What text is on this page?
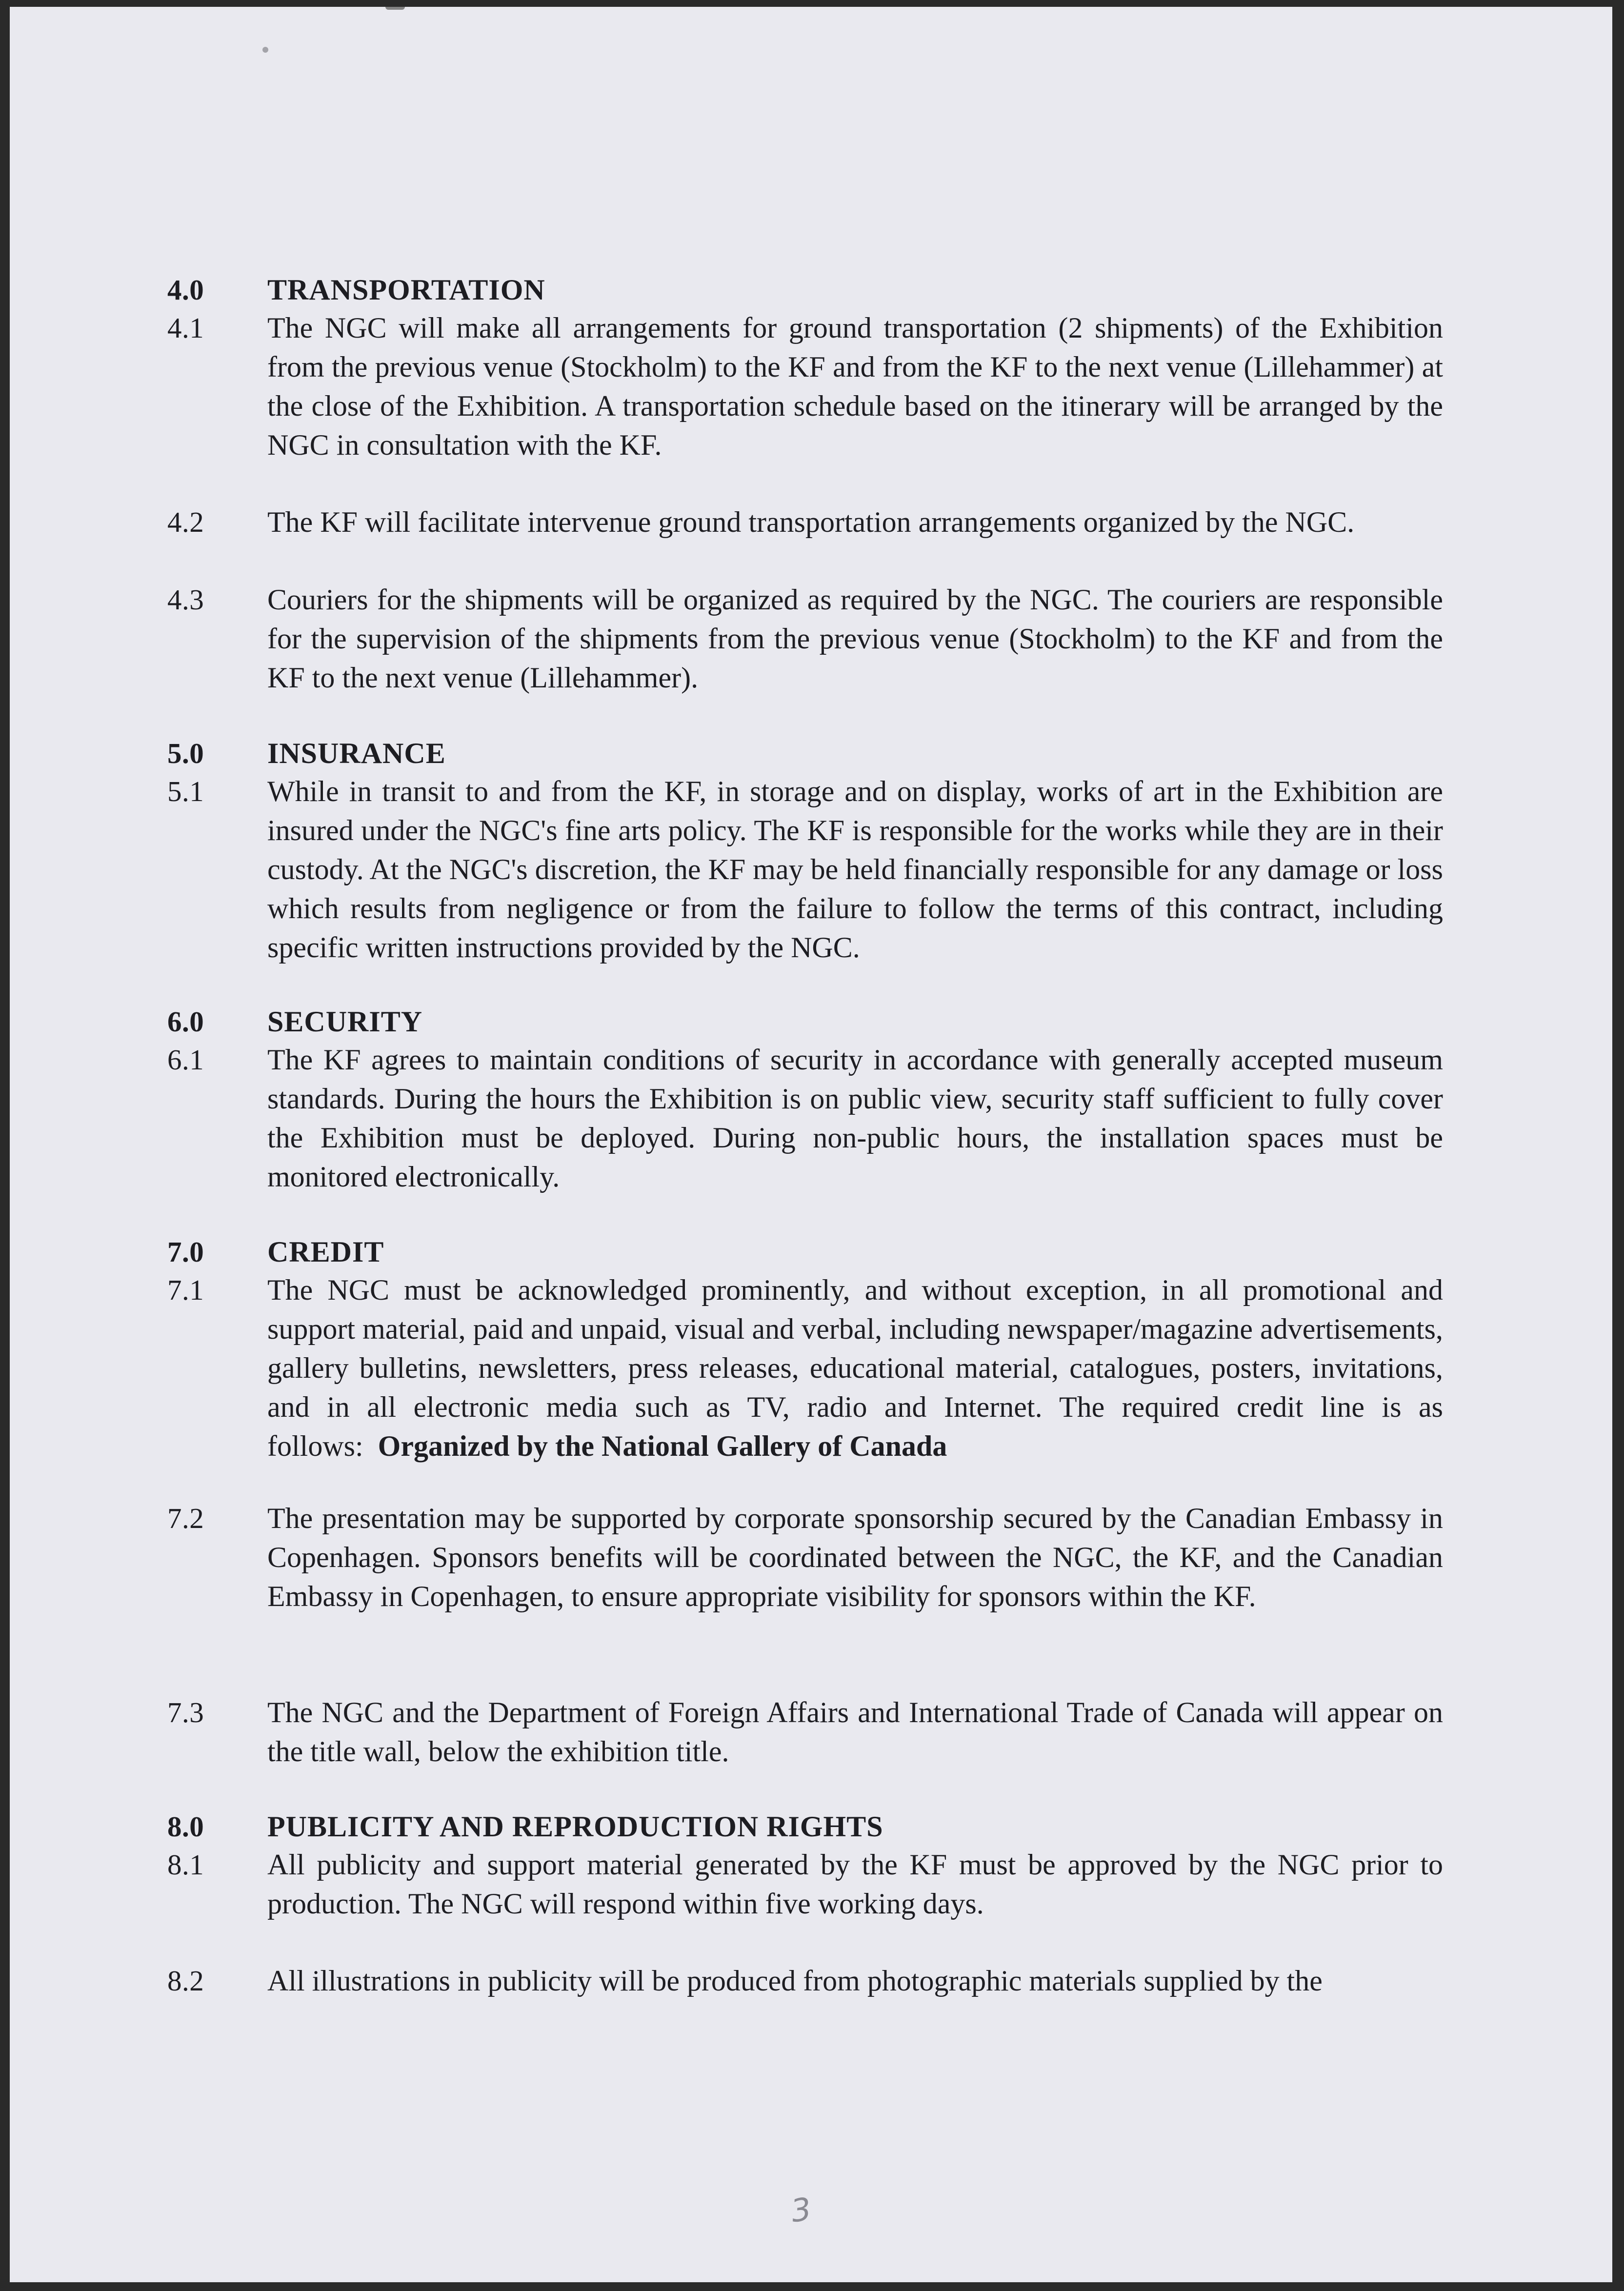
4.0	TRANSPORTATION
4.1	The NGC will make all arrangements for ground transportation (2 shipments) of the Exhibition from the previous venue (Stockholm) to the KF and from the KF to the next venue (Lillehammer) at the close of the Exhibition. A transportation schedule based on the itinerary will be arranged by the NGC in consultation with the KF.
4.2	The KF will facilitate intervenue ground transportation arrangements organized by the NGC.
4.3	Couriers for the shipments will be organized as required by the NGC. The couriers are responsible for the supervision of the shipments from the previous venue (Stockholm) to the KF and from the KF to the next venue (Lillehammer).
5.0	INSURANCE
5.1	While in transit to and from the KF, in storage and on display, works of art in the Exhibition are insured under the NGC's fine arts policy. The KF is responsible for the works while they are in their custody. At the NGC's discretion, the KF may be held financially responsible for any damage or loss which results from negligence or from the failure to follow the terms of this contract, including specific written instructions provided by the NGC.
6.0	SECURITY
6.1	The KF agrees to maintain conditions of security in accordance with generally accepted museum standards. During the hours the Exhibition is on public view, security staff sufficient to fully cover the Exhibition must be deployed. During non-public hours, the installation spaces must be monitored electronically.
7.0	CREDIT
7.1	The NGC must be acknowledged prominently, and without exception, in all promotional and support material, paid and unpaid, visual and verbal, including newspaper/magazine advertisements, gallery bulletins, newsletters, press releases, educational material, catalogues, posters, invitations, and in all electronic media such as TV, radio and Internet. The required credit line is as follows: Organized by the National Gallery of Canada
7.2	The presentation may be supported by corporate sponsorship secured by the Canadian Embassy in Copenhagen. Sponsors benefits will be coordinated between the NGC, the KF, and the Canadian Embassy in Copenhagen, to ensure appropriate visibility for sponsors within the KF.
7.3	The NGC and the Department of Foreign Affairs and International Trade of Canada will appear on the title wall, below the exhibition title.
8.0	PUBLICITY AND REPRODUCTION RIGHTS
8.1	All publicity and support material generated by the KF must be approved by the NGC prior to production. The NGC will respond within five working days.
8.2	All illustrations in publicity will be produced from photographic materials supplied by the
3
